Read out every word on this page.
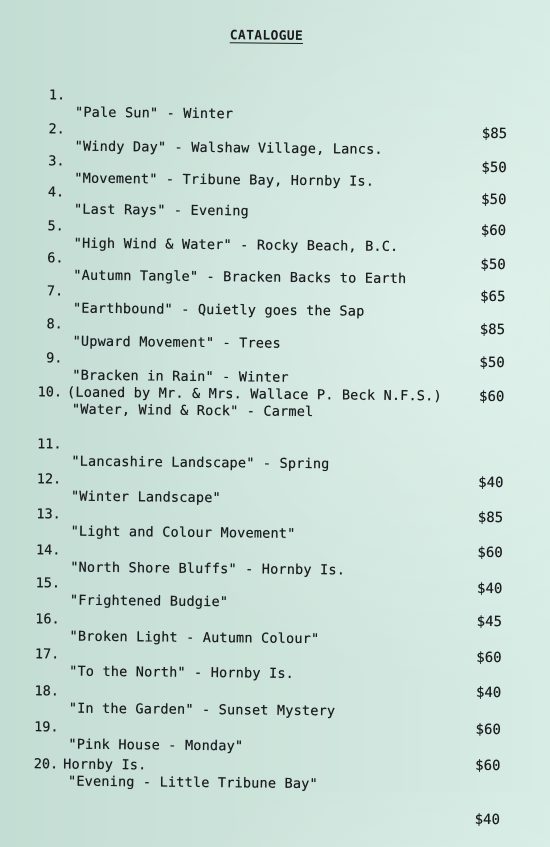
CATALOGUE

1.

"Pale Sun" - Winter

$85

2.

"Windy Day" - Walshaw Village, Lancs.

$50

3.

"Movement" - Tribune Bay, Hornby Is.

$50

4.

"Last Rays" - Evening

$60

5.

"High Wind & Water" - Rocky Beach, B.C.

$50

6.

"Autumn Tangle" - Bracken Backs to Earth

$65

7.

"Earthbound" - Quietly goes the Sap

$85

8.

"Upward Movement" - Trees

$50

9.

"Bracken in Rain" - Winter

$60

10.

"Water, Wind & Rock" - Carmel

(Loaned by Mr. & Mrs. Wallace P. Beck N.F.S.)

11.

"Lancashire Landscape" - Spring

$40

12.

"Winter Landscape"

$85

13.

"Light and Colour Movement"

$60

14.

"North Shore Bluffs" - Hornby Is.

$40

15.

"Frightened Budgie"

$45

16.

"Broken Light - Autumn Colour"

$60

17.

"To the North" - Hornby Is.

$40

18.

"In the Garden" - Sunset Mystery

$60

19.

"Pink House - Monday"

$60

20.

"Evening - Little Tribune Bay"

Hornby Is.

$40
